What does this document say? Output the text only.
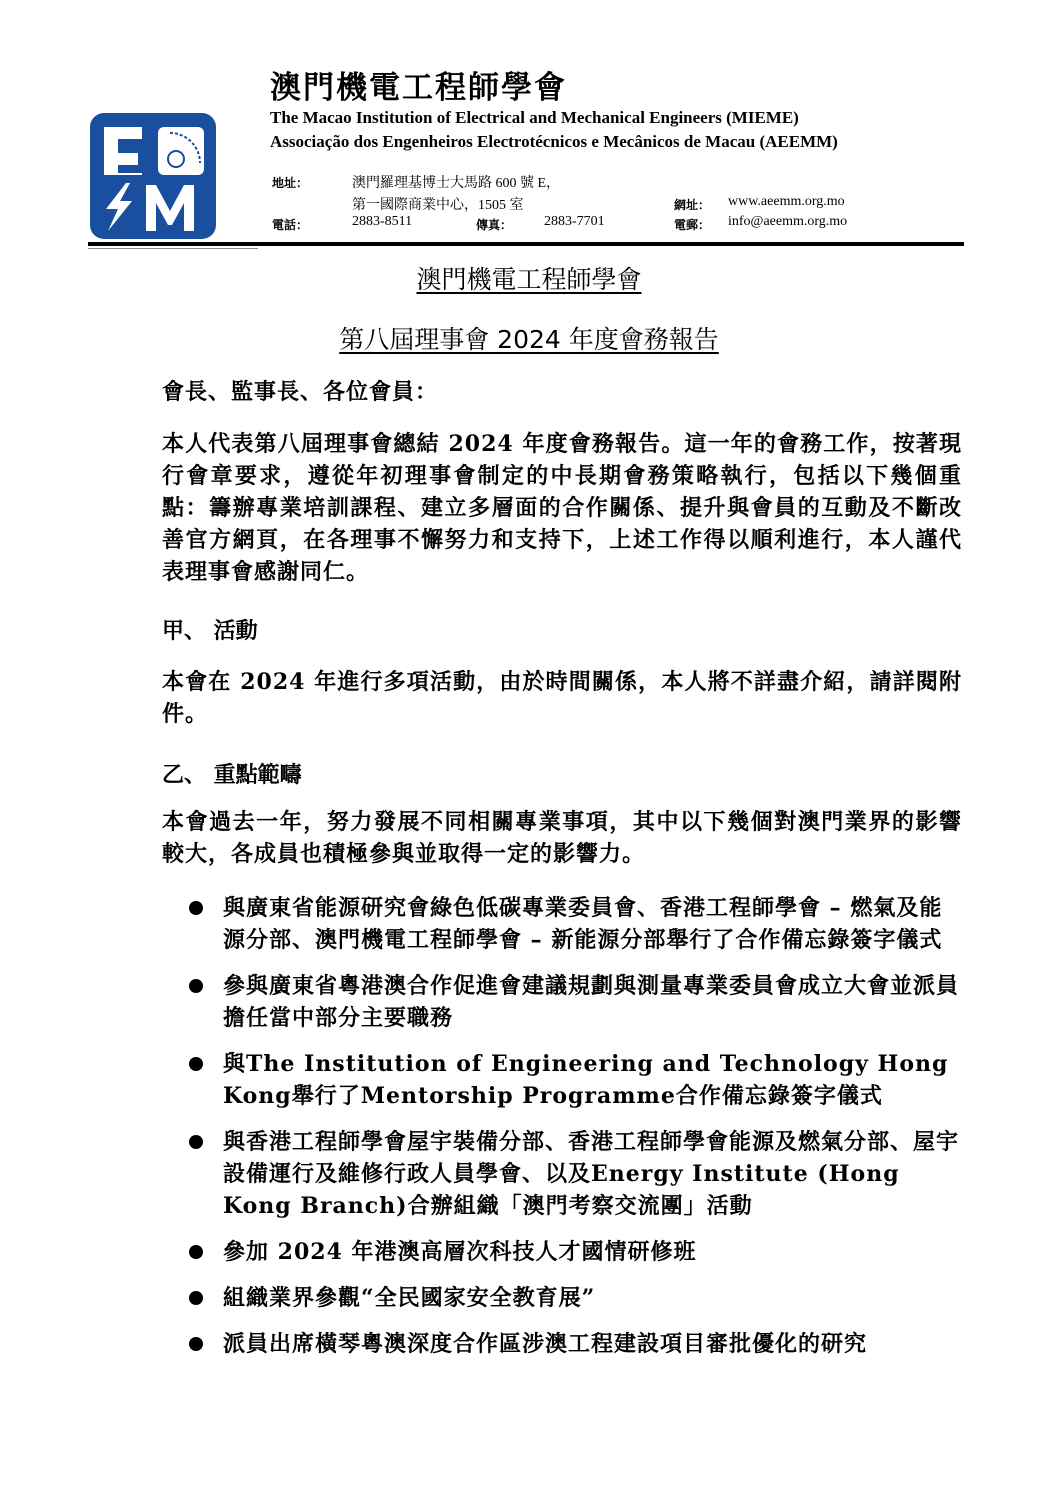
澳門機電工程師學會
The Macao Institution of Electrical and Mechanical Engineers (MIEME)
Associação dos Engenheiros Electrotécnicos e Mecânicos de Macau (AEEMM)
地址：	澳門羅理基博士大馬路 600 號 E，
第一國際商業中心，1505 室
電話：	2883-8511	傳真： 2883-7701
網址： www.aeemm.org.mo
電郵： info@aeemm.org.mo
澳門機電工程師學會
第八屆理事會 2024 年度會務報告

會長、監事長、各位會員：

本人代表第八屆理事會總結 2024 年度會務報告。這一年的會務工作，按著現行會章要求，遵從年初理事會制定的中長期會務策略執行，包括以下幾個重點：籌辦專業培訓課程、建立多層面的合作關係、提升與會員的互動及不斷改善官方網頁，在各理事不懈努力和支持下，上述工作得以順利進行，本人謹代表理事會感謝同仁。

甲、 活動

本會在 2024 年進行多項活動，由於時間關係，本人將不詳盡介紹，請詳閱附件。

乙、 重點範疇

本會過去一年，努力發展不同相關專業事項，其中以下幾個對澳門業界的影響較大，各成員也積極參與並取得一定的影響力。

與廣東省能源研究會綠色低碳專業委員會、香港工程師學會 – 燃氣及能源分部、澳門機電工程師學會 – 新能源分部舉行了合作備忘錄簽字儀式
參與廣東省粵港澳合作促進會建議規劃與測量專業委員會成立大會並派員擔任當中部分主要職務
與The Institution of Engineering and Technology Hong Kong舉行了Mentorship Programme合作備忘錄簽字儀式
與香港工程師學會屋宇裝備分部、香港工程師學會能源及燃氣分部、屋宇設備運行及維修行政人員學會、以及Energy Institute (Hong Kong Branch)合辦組織「澳門考察交流團」活動
參加 2024 年港澳高層次科技人才國情研修班
組織業界參觀“全民國家安全教育展”
派員出席橫琴粵澳深度合作區涉澳工程建設項目審批優化的研究
